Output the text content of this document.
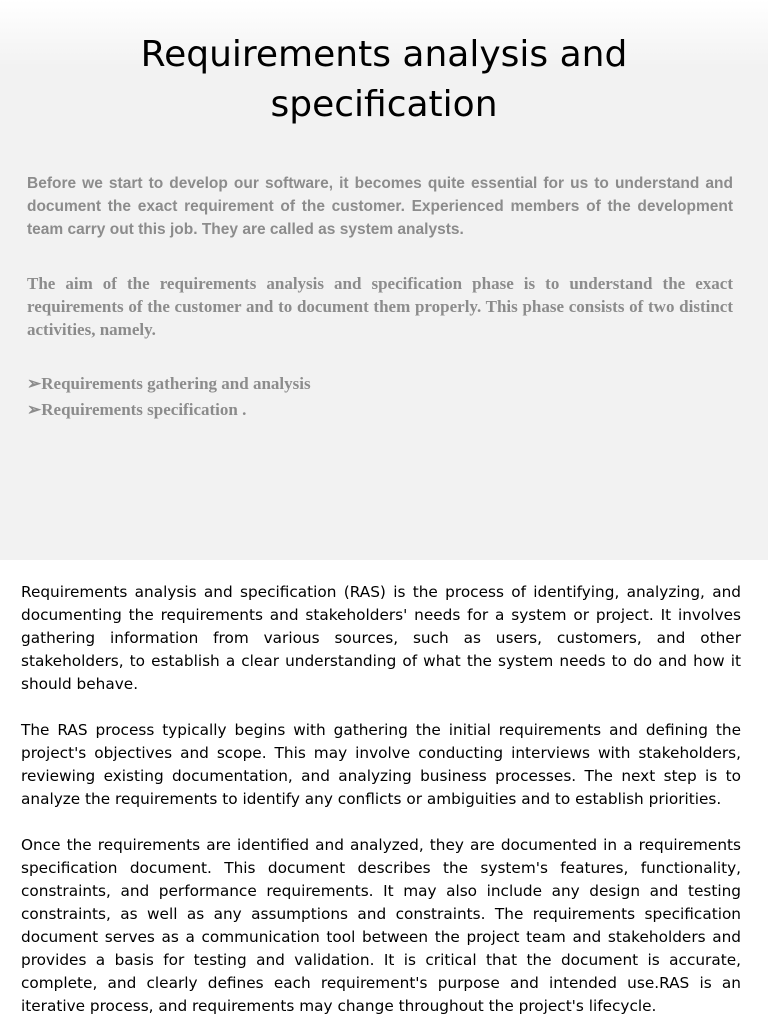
Requirements analysis and specification

Before we start to develop our software, it becomes quite essential for us to understand and document the exact requirement of the customer. Experienced members of the development team carry out this job. They are called as system analysts.

The aim of the requirements analysis and specification phase is to understand the exact requirements of the customer and to document them properly. This phase consists of two distinct activities, namely.

➢Requirements gathering and analysis
➢Requirements specification .

Requirements analysis and specification (RAS) is the process of identifying, analyzing, and documenting the requirements and stakeholders' needs for a system or project. It involves gathering information from various sources, such as users, customers, and other stakeholders, to establish a clear understanding of what the system needs to do and how it should behave.

The RAS process typically begins with gathering the initial requirements and defining the project's objectives and scope. This may involve conducting interviews with stakeholders, reviewing existing documentation, and analyzing business processes. The next step is to analyze the requirements to identify any conflicts or ambiguities and to establish priorities.

Once the requirements are identified and analyzed, they are documented in a requirements specification document. This document describes the system's features, functionality, constraints, and performance requirements. It may also include any design and testing constraints, as well as any assumptions and constraints. The requirements specification document serves as a communication tool between the project team and stakeholders and provides a basis for testing and validation. It is critical that the document is accurate, complete, and clearly defines each requirement's purpose and intended use.RAS is an iterative process, and requirements may change throughout the project's lifecycle.
